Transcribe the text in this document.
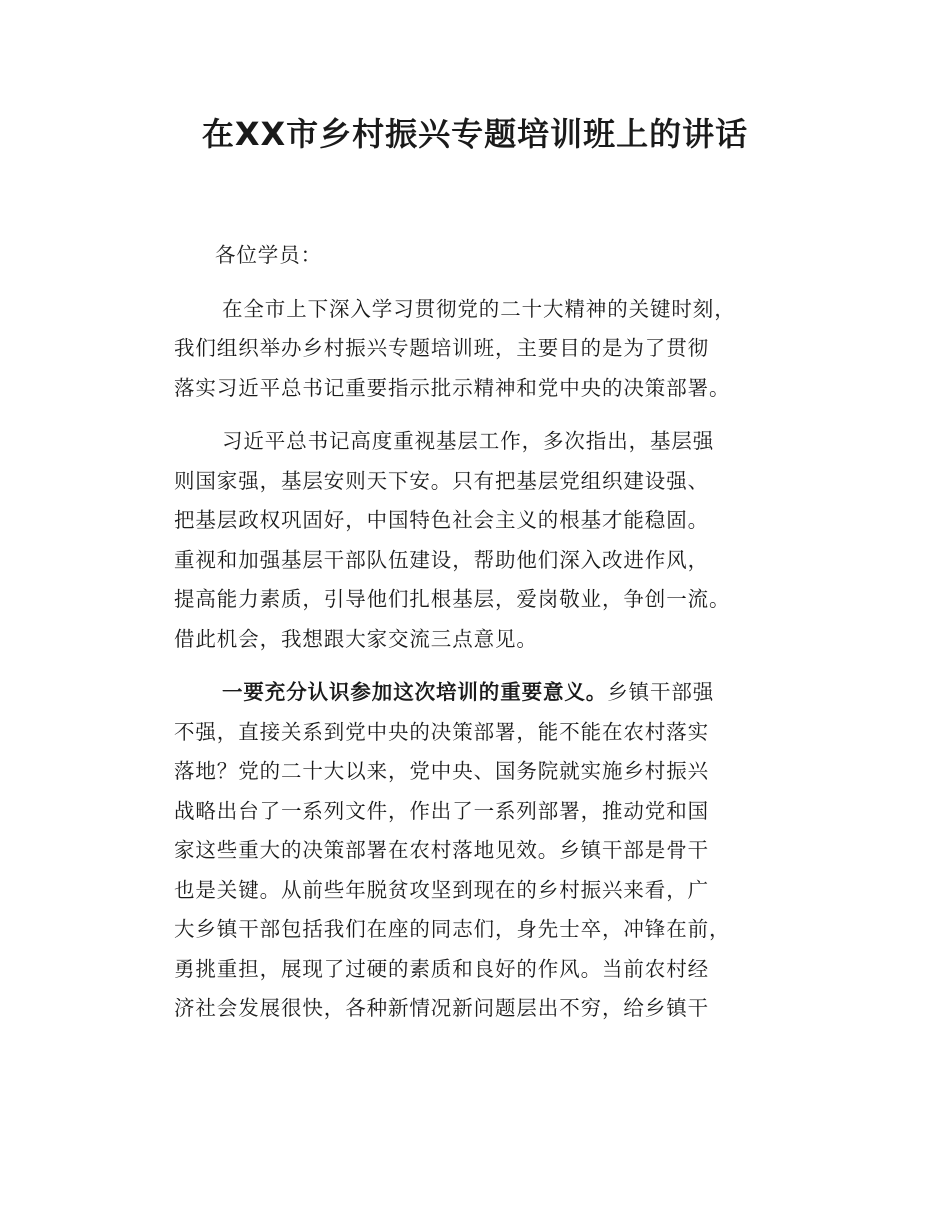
在XX市乡村振兴专题培训班上的讲话

各位学员：

在全市上下深入学习贯彻党的二十大精神的关键时刻，
我们组织举办乡村振兴专题培训班，主要目的是为了贯彻
落实习近平总书记重要指示批示精神和党中央的决策部署。

习近平总书记高度重视基层工作，多次指出，基层强
则国家强，基层安则天下安。只有把基层党组织建设强、
把基层政权巩固好，中国特色社会主义的根基才能稳固。
重视和加强基层干部队伍建设，帮助他们深入改进作风，
提高能力素质，引导他们扎根基层，爱岗敬业，争创一流。
借此机会，我想跟大家交流三点意见。

一要充分认识参加这次培训的重要意义。乡镇干部强
不强，直接关系到党中央的决策部署，能不能在农村落实
落地？党的二十大以来，党中央、国务院就实施乡村振兴
战略出台了一系列文件，作出了一系列部署，推动党和国
家这些重大的决策部署在农村落地见效。乡镇干部是骨干
也是关键。从前些年脱贫攻坚到现在的乡村振兴来看，广
大乡镇干部包括我们在座的同志们，身先士卒，冲锋在前，
勇挑重担，展现了过硬的素质和良好的作风。当前农村经
济社会发展很快，各种新情况新问题层出不穷，给乡镇干
